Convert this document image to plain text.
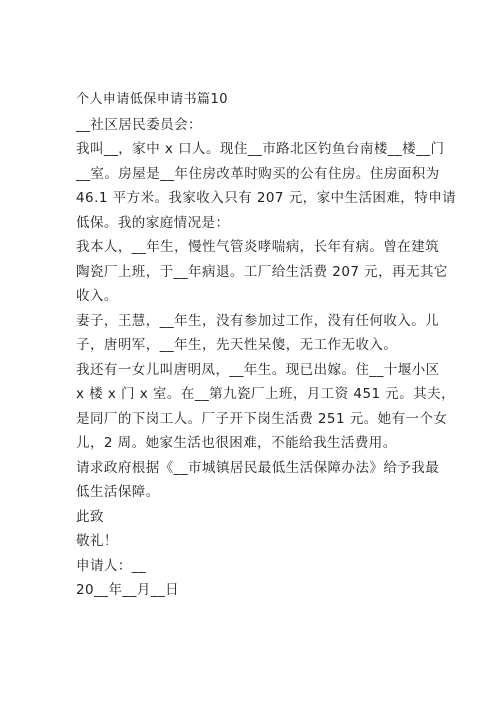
个人申请低保申请书篇10
__社区居民委员会：
我叫__，家中 x 口人。现住__市路北区钓鱼台南楼__楼__门
__室。房屋是__年住房改革时购买的公有住房。住房面积为
46.1 平方米。我家收入只有 207 元，家中生活困难，特申请
低保。我的家庭情况是：
我本人，__年生，慢性气管炎哮喘病，长年有病。曾在建筑
陶瓷厂上班，于__年病退。工厂给生活费 207 元，再无其它
收入。
妻子，王慧，__年生，没有参加过工作，没有任何收入。儿
子，唐明军，__年生，先天性呆傻，无工作无收入。
我还有一女儿叫唐明凤，__年生。现已出嫁。住__十堰小区
x 楼 x 门 x 室。在__第九瓷厂上班，月工资 451 元。其夫，
是同厂的下岗工人。厂子开下岗生活费 251 元。她有一个女
儿，2 周。她家生活也很困难，不能给我生活费用。
请求政府根据《__市城镇居民最低生活保障办法》给予我最
低生活保障。
此致
敬礼！
申请人：__
20__年__月__日
